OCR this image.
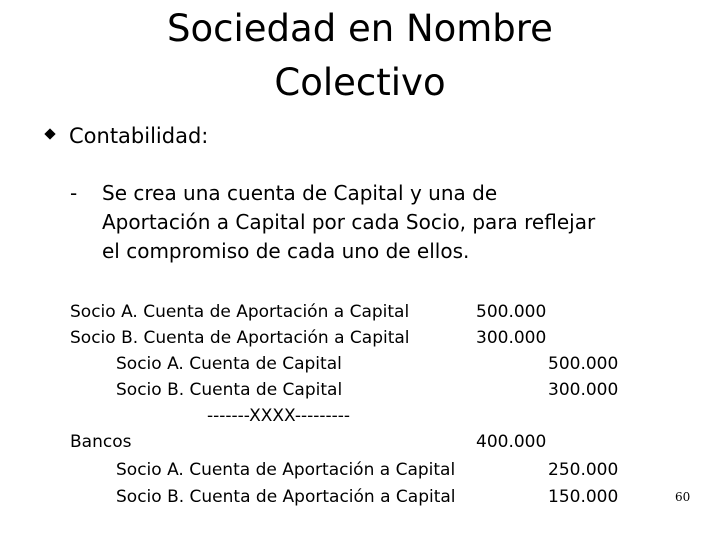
Sociedad en Nombre
Colectivo
Contabilidad:
- Se crea una cuenta de Capital y una de
Aportación a Capital por cada Socio, para reflejar
el compromiso de cada uno de ellos.
Socio A. Cuenta de Aportación a Capital	500.000
Socio B. Cuenta de Aportación a Capital	300.000
Socio A. Cuenta de Capital	500.000
Socio B. Cuenta de Capital	300.000
-------XXXX---------
Bancos	400.000
Socio A. Cuenta de Aportación a Capital	250.000
Socio B. Cuenta de Aportación a Capital	150.000	60
